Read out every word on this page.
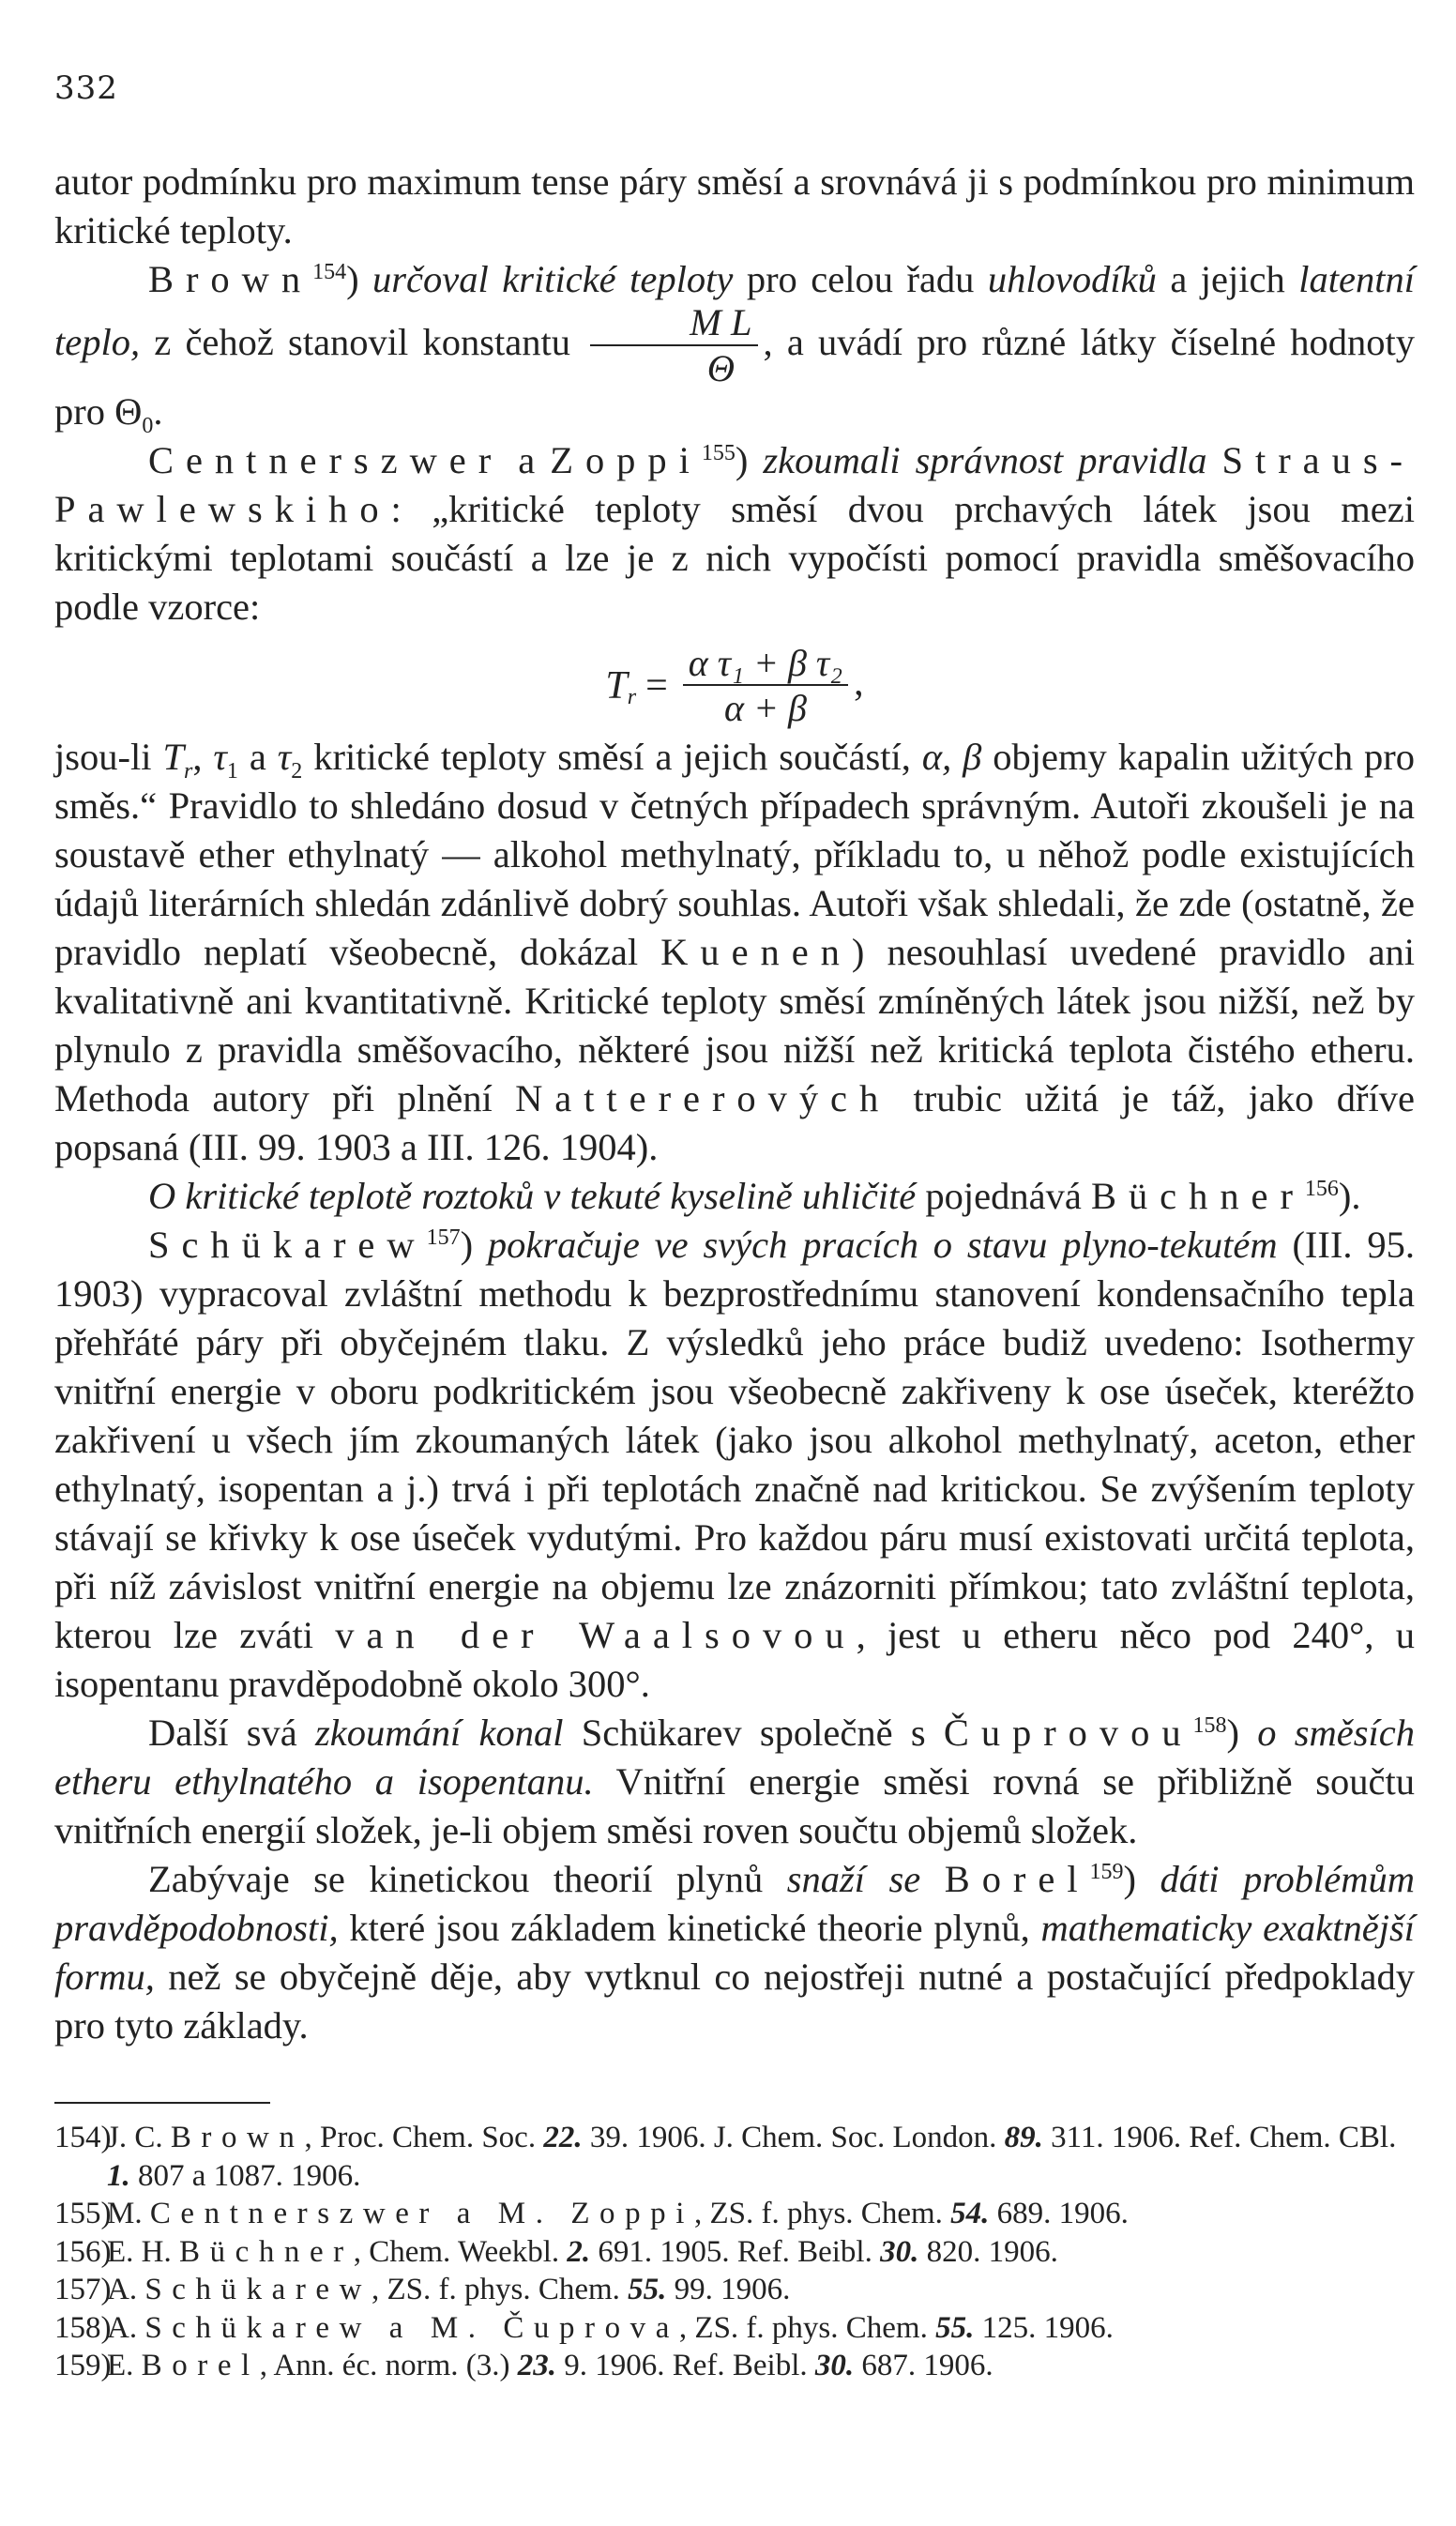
332

autor podmínku pro maximum tense páry směsí a srovnává ji s podmínkou pro minimum kritické teploty.

Brown$^{154}$) určoval kritické teploty pro celou řadu uhlovodíků a jejich latentní teplo, z čehož stanovil konstantu $\frac{\text{M L}}{\Theta}$ , a uvádí pro různé látky číselné hodnoty pro $\Theta_0$.

Centnerszwer a Zoppi$^{155}$) zkoumali správnost pravidla Straus-Pawlewskiho: „kritické teploty směsí dvou prchavých látek jsou mezi kritickými teplotami součástí a lze je z nich vypočísti pomocí pravidla směšovacího podle vzorce:

$T_r = \frac{\text{α τ₁ + β τ₂}}{\alpha + \beta}$ ,

jsou-li $T_r$, $\tau_1$ a $\tau_2$ kritické teploty směsí a jejich součástí, α, β objemy kapalin užitých pro směs.“ Pravidlo to shledáno dosud v četných případech správným. Autoři zkoušeli je na soustavě ether ethylnatý — alkohol methylnatý, příkladu to, u něhož podle existujících údajů literárních shledán zdánlivě dobrý souhlas. Autoři však shledali, že zde (ostatně, že pravidlo neplatí všeobecně, dokázal Kuenen) nesouhlasí uvedené pravidlo ani kvalitativně ani kvantitativně. Kritické teploty směsí zmíněných látek jsou nižší, než by plynulo z pravidla směšovacího, některé jsou nižší než kritická teplota čistého etheru. Methoda autory při plnění Nattererových trubic užitá je táž, jako dříve popsaná (III. 99. 1903 a III. 126. 1904).

O kritické teplotě roztoků v tekuté kyselině uhličité pojednává Büchner$^{156}$).

Schükarew$^{157}$) pokračuje ve svých pracích o stavu plyno-tekutém (III. 95. 1903) vypracoval zvláštní methodu k bezprostřednímu stanovení kondensačního tepla přehřáté páry při obyčejném tlaku. Z výsledků jeho práce budiž uvedeno: Isothermy vnitřní energie v oboru podkritickém jsou všeobecně zakřiveny k ose úseček, kteréžto zakřivení u všech jím zkoumaných látek (jako jsou alkohol methylnatý, aceton, ether ethylnatý, isopentan a j.) trvá i při teplotách značně nad kritickou. Se zvýšením teploty stávají se křivky k ose úseček vydutými. Pro každou páru musí existovati určitá teplota, při níž závislost vnitřní energie na objemu lze znázorniti přímkou; tato zvláštní teplota, kterou lze zváti van der Waalsovou, jest u etheru něco pod 240°, u isopentanu pravděpodobně okolo 300°.

Další svá zkoumání konal Schükarev společně s Čuprovou$^{158}$) o směsích etheru ethylnatého a isopentanu. Vnitřní energie směsi rovná se přibližně součtu vnitřních energií složek, je-li objem směsi roven součtu objemů složek.

Zabývaje se kinetickou theorií plynů snaží se Borel$^{159}$) dáti problémům pravděpodobnosti, které jsou základem kinetické theorie plynů, mathematicky exaktnější formu, než se obyčejně děje, aby vytknul co nejostřeji nutné a postačující předpoklady pro tyto základy.

154)J. C. Brown, Proc. Chem. Soc. 22. 39. 1906. J. Chem. Soc. London. 89. 311. 1906. Ref. Chem. CBl. 1. 807 a 1087. 1906.
155)M. Centnerszwer a M. Zoppi, ZS. f. phys. Chem. 54. 689. 1906.
156)E. H. Büchner, Chem. Weekbl. 2. 691. 1905. Ref. Beibl. 30. 820. 1906.
157)A. Schükarew, ZS. f. phys. Chem. 55. 99. 1906.
158)A. Schükarew a M. Čuprova, ZS. f. phys. Chem. 55. 125. 1906.
159)E. Borel, Ann. éc. norm. (3.) 23. 9. 1906. Ref. Beibl. 30. 687. 1906.
